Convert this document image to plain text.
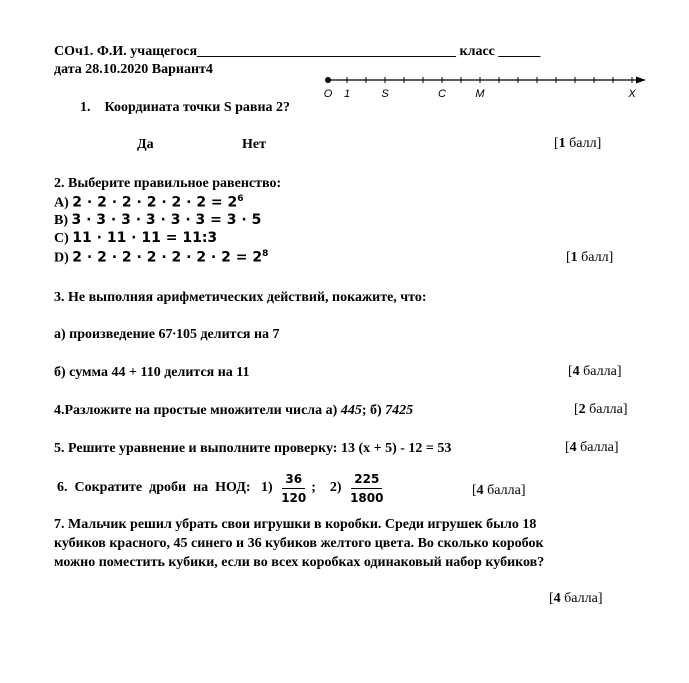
СОч1. Ф.И. учащегося_____________________________________ класс ______
дата 28.10.2020 Вариант4
O 1	S	C	M	X
1. Координата точки S равна 2?
Да	Нет	[1 балл]
2. Выберите правильное равенство:
A) $2 \cdot 2 \cdot 2 \cdot 2 \cdot 2 \cdot 2 = 2^6$
B) 3 ∙ 3 ∙ 3 ∙ 3 ∙ 3 ∙ 3 = 3 ∙ 5
C) 11 ∙ 11 ∙ 11 = 11:3
D) $2 \cdot 2 \cdot 2 \cdot 2 \cdot 2 \cdot 2 \cdot 2 = 2^8$	[1 балл]
3. Не выполняя арифметических действий, покажите, что:
а) произведение 67∙105 делится на 7
б) сумма 44 + 110 делится на 11	[4 балла]
4.Разложите на простые множители числа а) 445; б) 7425	[2 балла]
5. Решите уравнение и выполните проверку: 13 (х + 5) - 12 = 53	[4 балла]
6.  Сократите  дроби  на  НОД:   $1) \frac{36}{120}$ ;    $2) \frac{225}{1800}$	[4 балла]
7. Мальчик решил убрать свои игрушки в коробки. Среди игрушек было 18
кубиков красного, 45 синего и 36 кубиков желтого цвета. Во сколько коробок
можно поместить кубики, если во всех коробках одинаковый набор кубиков?
[4 балла]
